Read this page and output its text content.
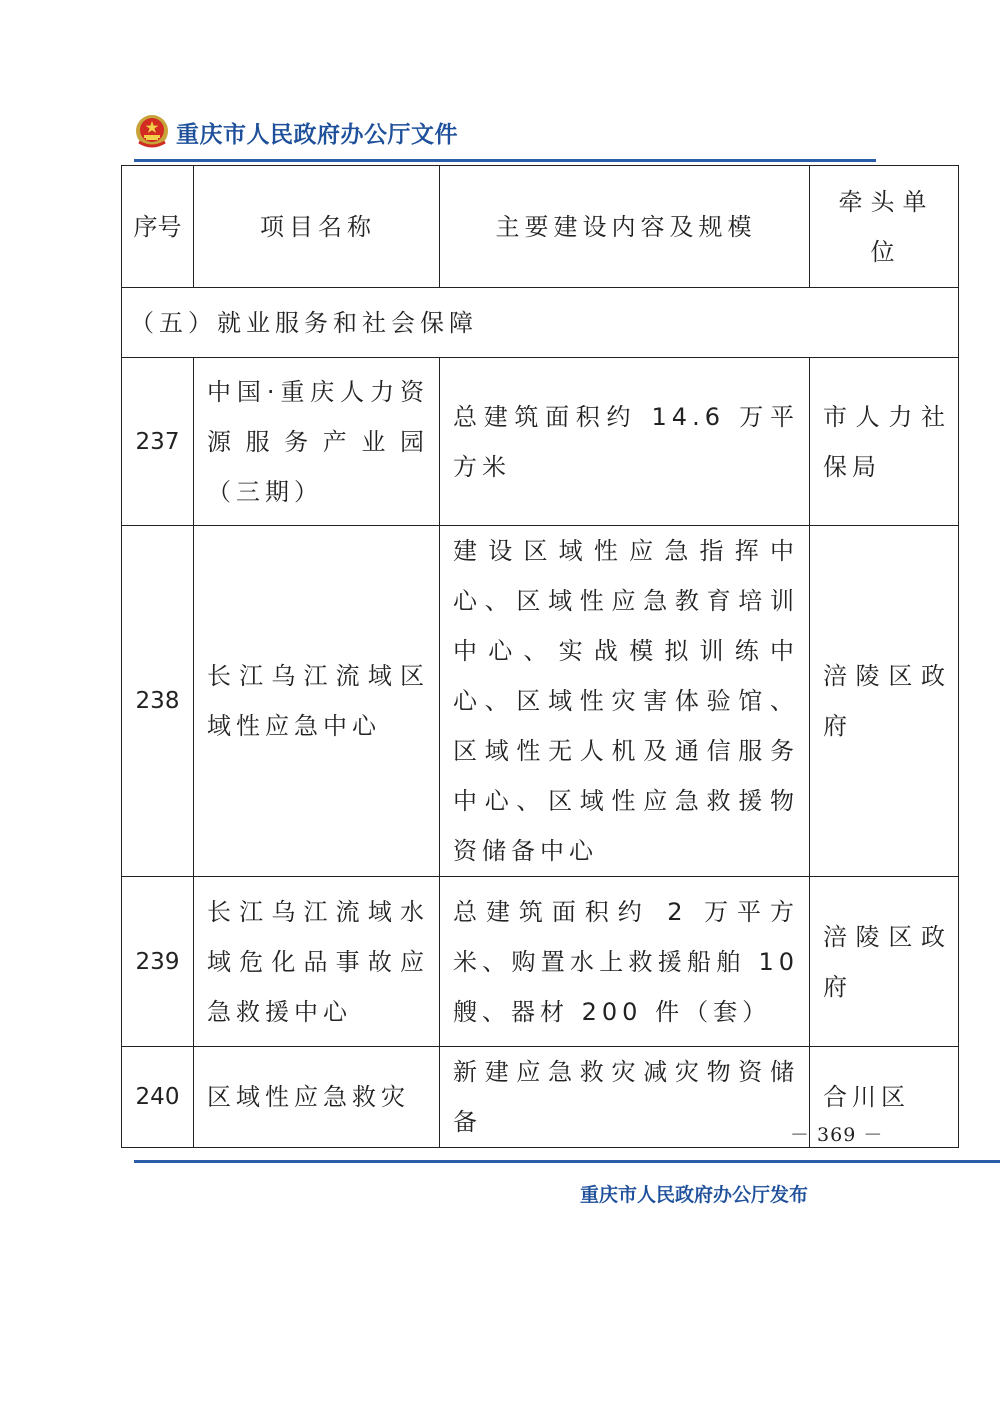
重庆市人民政府办公厅文件
序号	项目名称	主要建设内容及规模	牵头单位
（五）就业服务和社会保障			
237	中国·重庆人力资源服务产业园（三期）	总建筑面积约 14.6 万平方米	市人力社保局
238	长江乌江流域区域性应急中心	建设区域性应急指挥中心、区域性应急教育培训中心、实战模拟训练中心、区域性灾害体验馆、区域性无人机及通信服务中心、区域性应急救援物资储备中心	涪陵区政府
239	长江乌江流域水域危化品事故应急救援中心	总建筑面积约 2 万平方米、购置水上救援船舶 10 艘、器材 200 件（套）	涪陵区政府
240	区域性应急救灾	新建应急救灾减灾物资储备	合川区
－ 369 －
重庆市人民政府办公厅发布
